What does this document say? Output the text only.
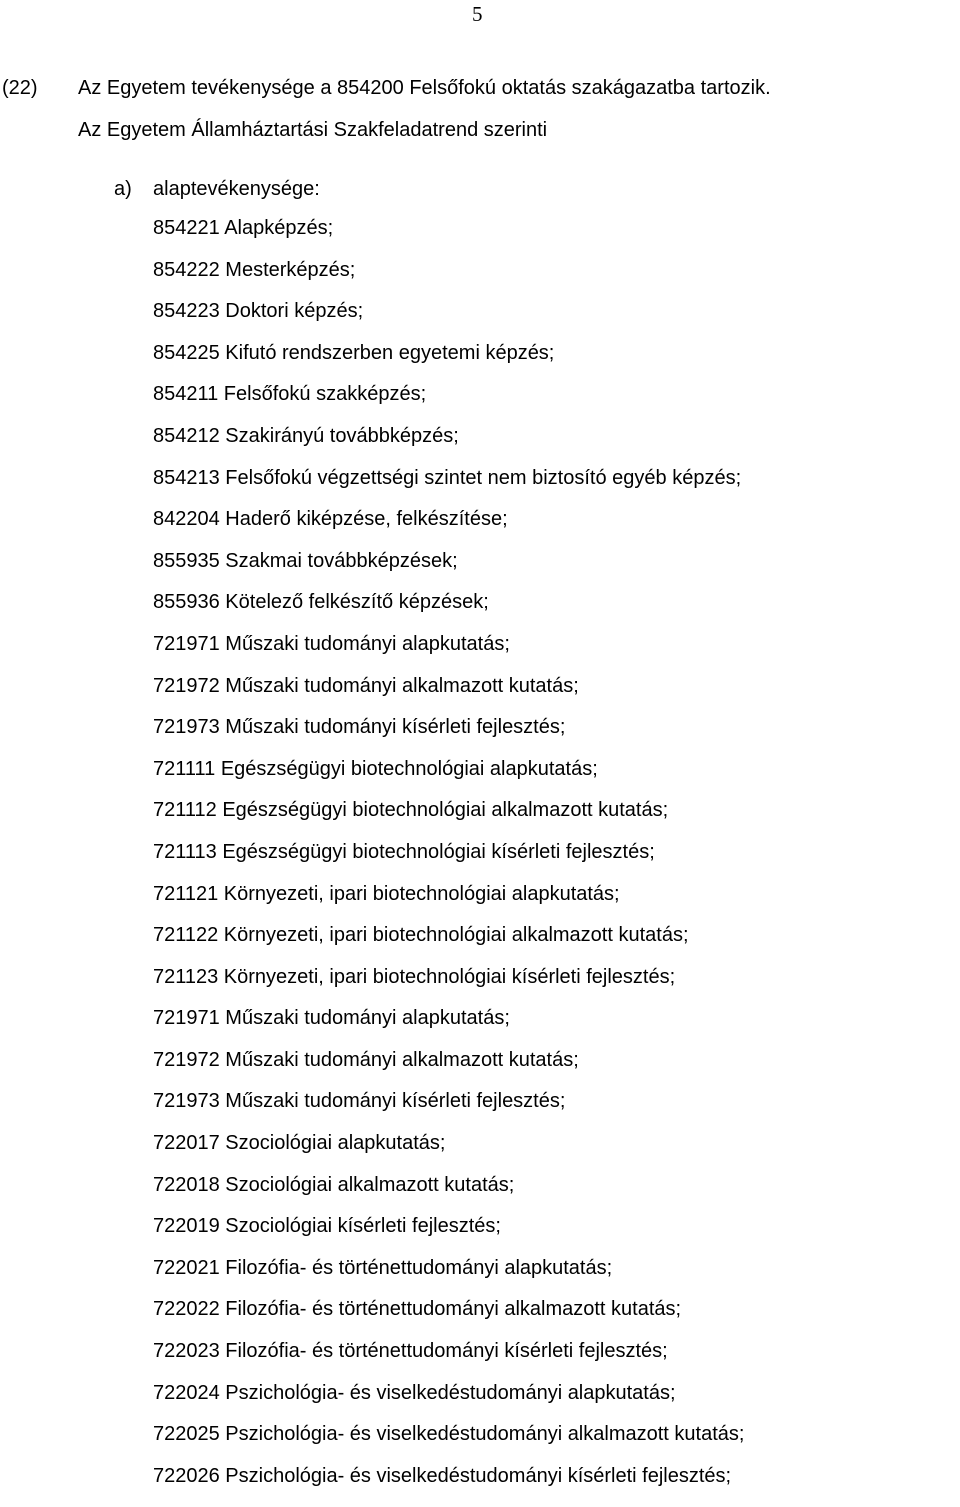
5
(22) Az Egyetem tevékenysége a 854200 Felsőfokú oktatás szakágazatba tartozik.
Az Egyetem Államháztartási Szakfeladatrend szerinti
a) alaptevékenysége:
854221 Alapképzés;
854222 Mesterképzés;
854223 Doktori képzés;
854225 Kifutó rendszerben egyetemi képzés;
854211 Felsőfokú szakképzés;
854212 Szakirányú továbbképzés;
854213 Felsőfokú végzettségi szintet nem biztosító egyéb képzés;
842204 Haderő kiképzése, felkészítése;
855935 Szakmai továbbképzések;
855936 Kötelező felkészítő képzések;
721971 Műszaki tudományi alapkutatás;
721972 Műszaki tudományi alkalmazott kutatás;
721973 Műszaki tudományi kísérleti fejlesztés;
721111 Egészségügyi biotechnológiai alapkutatás;
721112 Egészségügyi biotechnológiai alkalmazott kutatás;
721113 Egészségügyi biotechnológiai kísérleti fejlesztés;
721121 Környezeti, ipari biotechnológiai alapkutatás;
721122 Környezeti, ipari biotechnológiai alkalmazott kutatás;
721123 Környezeti, ipari biotechnológiai kísérleti fejlesztés;
721971 Műszaki tudományi alapkutatás;
721972 Műszaki tudományi alkalmazott kutatás;
721973 Műszaki tudományi kísérleti fejlesztés;
722017 Szociológiai alapkutatás;
722018 Szociológiai alkalmazott kutatás;
722019 Szociológiai kísérleti fejlesztés;
722021 Filozófia- és történettudományi alapkutatás;
722022 Filozófia- és történettudományi alkalmazott kutatás;
722023 Filozófia- és történettudományi kísérleti fejlesztés;
722024 Pszichológia- és viselkedéstudományi alapkutatás;
722025 Pszichológia- és viselkedéstudományi alkalmazott kutatás;
722026 Pszichológia- és viselkedéstudományi kísérleti fejlesztés;
